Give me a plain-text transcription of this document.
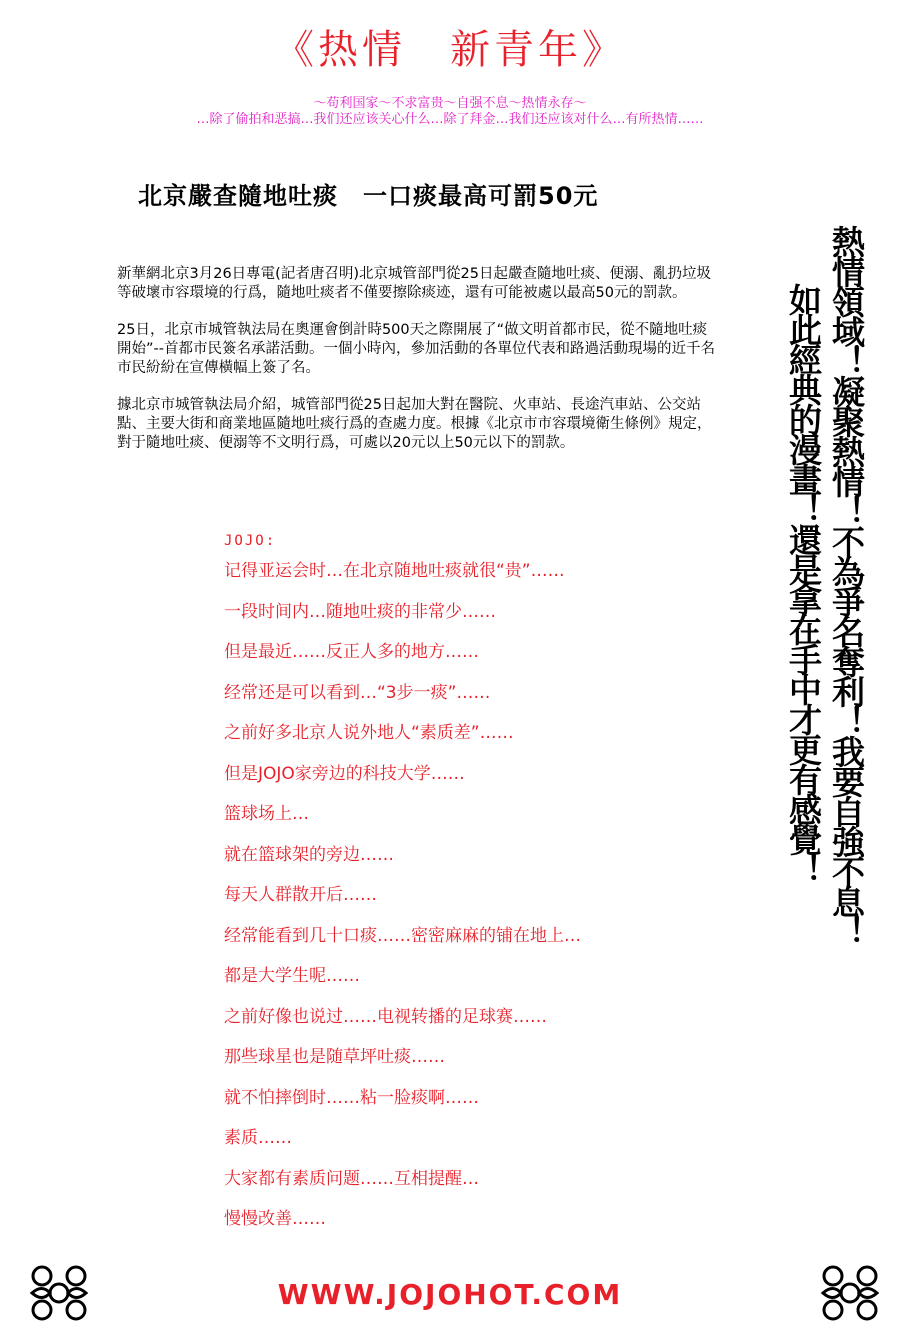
《热情　新青年》

～苟利国家～不求富贵～自强不息～热情永存～

…除了偷拍和恶搞…我们还应该关心什么…除了拜金…我们还应该对什么…有所热情……

北京嚴查隨地吐痰　一口痰最高可罰50元

新華網北京3月26日專電(記者唐召明)北京城管部門從25日起嚴查隨地吐痰、便溺、亂扔垃圾等破壞市容環境的行爲，隨地吐痰者不僅要擦除痰迹，還有可能被處以最高50元的罰款。

25日，北京市城管執法局在奧運會倒計時500天之際開展了“做文明首都市民，從不隨地吐痰開始”--首都市民簽名承諾活動。一個小時內，參加活動的各單位代表和路過活動現場的近千名市民紛紛在宣傳橫幅上簽了名。

據北京市城管執法局介紹，城管部門從25日起加大對在醫院、火車站、長途汽車站、公交站點、主要大街和商業地區隨地吐痰行爲的查處力度。根據《北京市市容環境衛生條例》規定，對于隨地吐痰、便溺等不文明行爲，可處以20元以上50元以下的罰款。

JOJO:

记得亚运会时…在北京随地吐痰就很“贵”……

一段时间内…随地吐痰的非常少……

但是最近……反正人多的地方……

经常还是可以看到…“3步一痰”……

之前好多北京人说外地人“素质差”……

但是JOJO家旁边的科技大学……

篮球场上…

就在篮球架的旁边……

每天人群散开后……

经常能看到几十口痰……密密麻麻的铺在地上…

都是大学生呢……

之前好像也说过……电视转播的足球赛……

那些球星也是随草坪吐痰……

就不怕摔倒时……粘一脸痰啊……

素质……

大家都有素质问题……互相提醒…

慢慢改善……

熱情領域！凝聚熱情！不為爭名奪利！我要自強不息！
如此經典的漫畫！還是拿在手中才更有感覺！

WWW.JOJOHOT.COM
